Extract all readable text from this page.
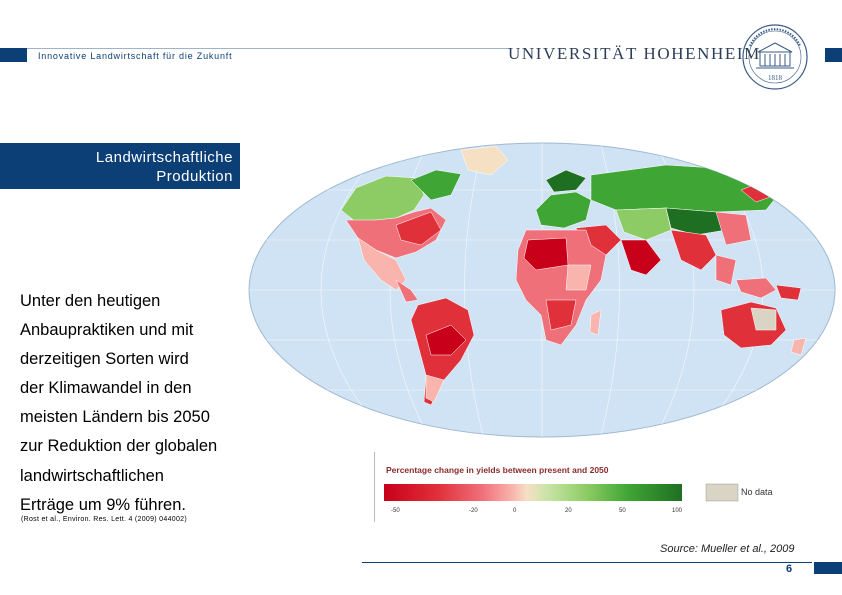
Innovative Landwirtschaft für die Zukunft	UNIVERSITÄT HOHENHEIM
1818
Landwirtschaftliche
Produktion
Unter den heutigen
Anbaupraktiken und mit
derzeitigen Sorten wird
der Klimawandel in den
meisten Ländern bis 2050
zur Reduktion der globalen
landwirtschaftlichen
Erträge um 9% führen.
(Rost et al., Environ. Res. Lett. 4 (2009) 044002)
Percentage change in yields between present and 2050
-50	-20	0	20	50	100
No data
Source: Mueller et al., 2009
6
